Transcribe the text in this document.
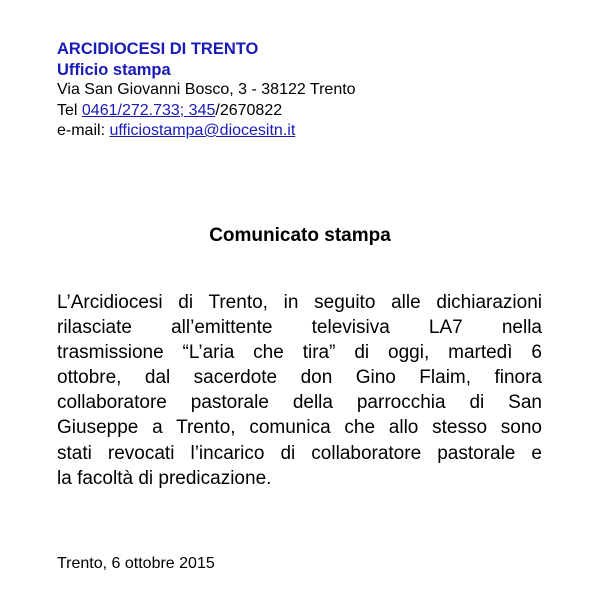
ARCIDIOCESI DI TRENTO
Ufficio stampa
Via San Giovanni Bosco, 3 - 38122 Trento
Tel 0461/272.733; 345/2670822
e-mail: ufficiostampa@diocesitn.it
Comunicato stampa
L’Arcidiocesi di Trento, in seguito alle dichiarazioni
rilasciate all’emittente televisiva LA7 nella
trasmissione “L’aria che tira” di oggi, martedì 6
ottobre, dal sacerdote don Gino Flaim, finora
collaboratore pastorale della parrocchia di San
Giuseppe a Trento, comunica che allo stesso sono
stati revocati l’incarico di collaboratore pastorale e
la facoltà di predicazione.
Trento, 6 ottobre 2015
